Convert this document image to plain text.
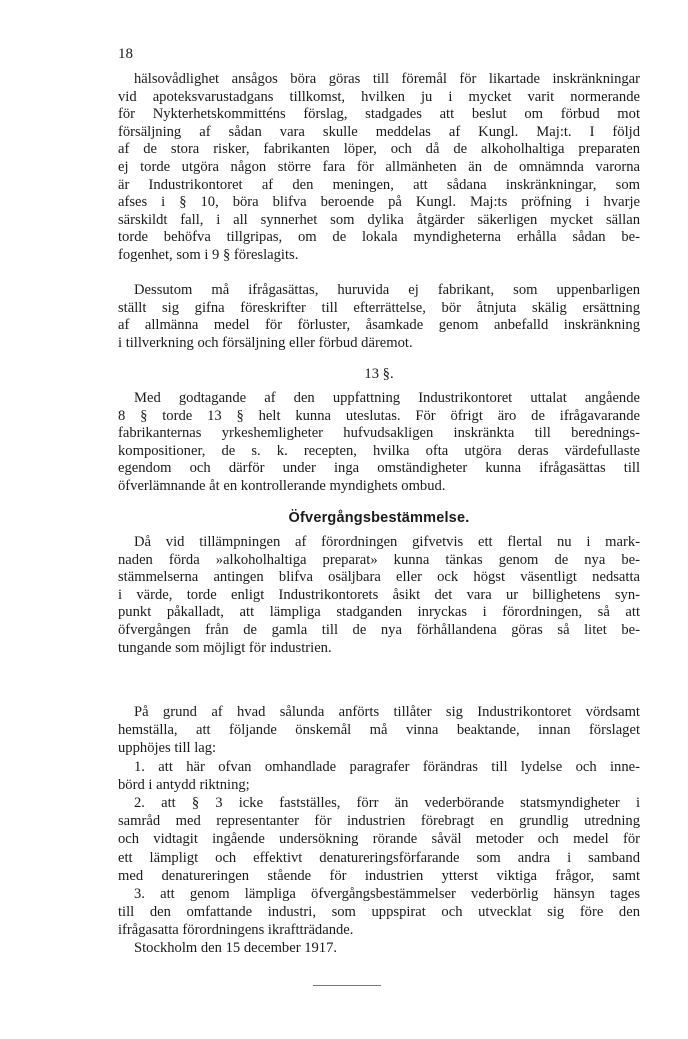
18
hälsovådlighet ansågos böra göras till föremål för likartade inskränkningar
vid apoteksvarustadgans tillkomst, hvilken ju i mycket varit normerande
för Nykterhetskommitténs förslag, stadgades att beslut om förbud mot
försäljning af sådan vara skulle meddelas af Kungl. Maj:t. I följd
af de stora risker, fabrikanten löper, och då de alkoholhaltiga preparaten
ej torde utgöra någon större fara för allmänheten än de omnämnda varorna
är Industrikontoret af den meningen, att sådana inskränkningar, som
afses i § 10, böra blifva beroende på Kungl. Maj:ts pröfning i hvarje
särskildt fall, i all synnerhet som dylika åtgärder säkerligen mycket sällan
torde behöfva tillgripas, om de lokala myndigheterna erhålla sådan be-
fogenhet, som i 9 § föreslagits.
Dessutom må ifrågasättas, huruvida ej fabrikant, som uppenbarligen
ställt sig gifna föreskrifter till efterrättelse, bör åtnjuta skälig ersättning
af allmänna medel för förluster, åsamkade genom anbefalld inskränkning
i tillverkning och försäljning eller förbud däremot.
13 §.
Med godtagande af den uppfattning Industrikontoret uttalat angående
8 § torde 13 § helt kunna uteslutas. För öfrigt äro de ifrågavarande
fabrikanternas yrkeshemligheter hufvudsakligen inskränkta till berednings-
kompositioner, de s. k. recepten, hvilka ofta utgöra deras värdefullaste
egendom och därför under inga omständigheter kunna ifrågasättas till
öfverlämnande åt en kontrollerande myndighets ombud.
Öfvergångsbestämmelse.
Då vid tillämpningen af förordningen gifvetvis ett flertal nu i mark-
naden förda »alkoholhaltiga preparat» kunna tänkas genom de nya be-
stämmelserna antingen blifva osäljbara eller ock högst väsentligt nedsatta
i värde, torde enligt Industrikontorets åsikt det vara ur billighetens syn-
punkt påkalladt, att lämpliga stadganden inryckas i förordningen, så att
öfvergången från de gamla till de nya förhållandena göras så litet be-
tungande som möjligt för industrien.
På grund af hvad sålunda anförts tillåter sig Industrikontoret vördsamt
hemställa, att följande önskemål må vinna beaktande, innan förslaget
upphöjes till lag:
1. att här ofvan omhandlade paragrafer förändras till lydelse och inne-
börd i antydd riktning;
2. att § 3 icke fastställes, förr än vederbörande statsmyndigheter i
samråd med representanter för industrien förebragt en grundlig utredning
och vidtagit ingående undersökning rörande såväl metoder och medel för
ett lämpligt och effektivt denatureringsförfarande som andra i samband
med denatureringen stående för industrien ytterst viktiga frågor, samt
3. att genom lämpliga öfvergångsbestämmelser vederbörlig hänsyn tages
till den omfattande industri, som uppspirat och utvecklat sig före den
ifrågasatta förordningens ikraftträdande.
Stockholm den 15 december 1917.
